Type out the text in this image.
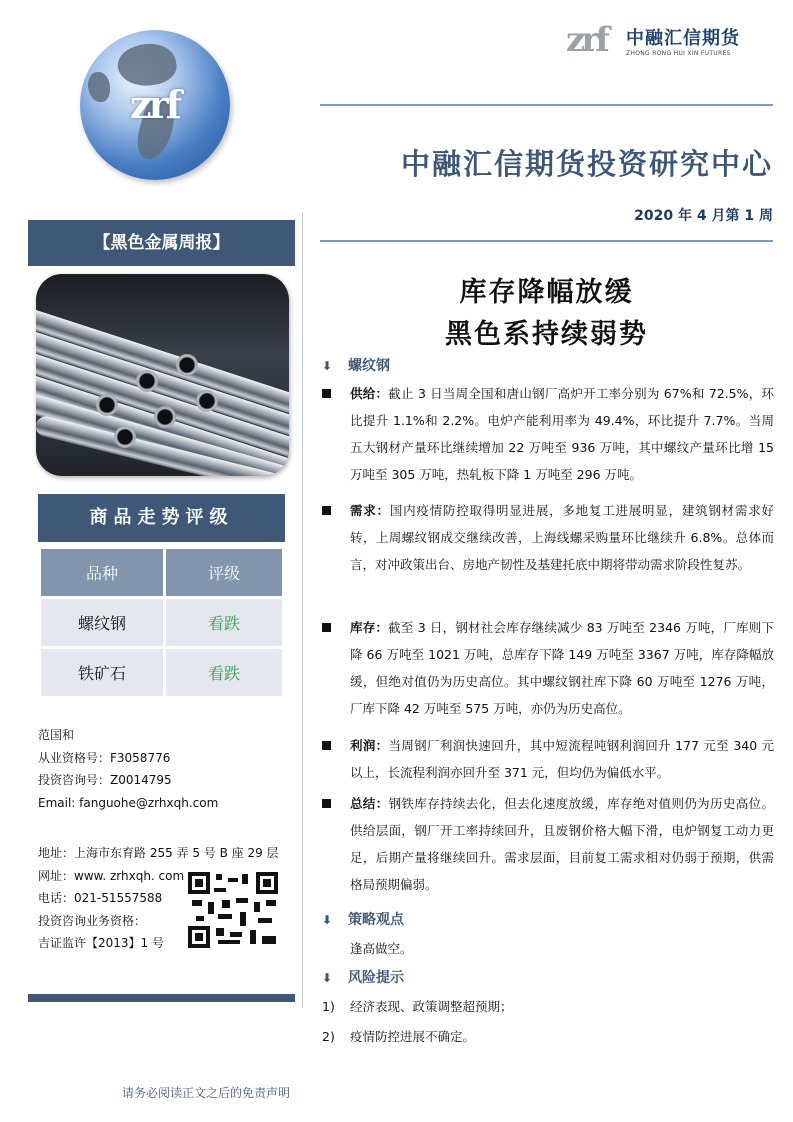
zrf
zrf 中融汇信期货
ZHONG RONG HUI XIN FUTURES
中融汇信期货投资研究中心
2020 年 4 月第 1 周
【黑色金属周报】
商品走势评级
品种	评级
螺纹钢	看跌
铁矿石	看跌
范国和
从业资格号：F3058776
投资咨询号：Z0014795
Email: fanguohe@zrhxqh.com
地址：上海市东育路 255 弄 5 号 B 座 29 层
网址：www. zrhxqh. com
电话：021-51557588
投资咨询业务资格：
吉证监许【2013】1 号
库存降幅放缓
黑色系持续弱势
⬇ 螺纹钢
供给：截止 3 日当周全国和唐山钢厂高炉开工率分别为 67%和 72.5%，环比提升 1.1%和 2.2%。电炉产能利用率为 49.4%，环比提升 7.7%。当周五大钢材产量环比继续增加 22 万吨至 936 万吨，其中螺纹产量环比增 15 万吨至 305 万吨，热轧板下降 1 万吨至 296 万吨。
需求：国内疫情防控取得明显进展，多地复工进展明显，建筑钢材需求好转，上周螺纹钢成交继续改善，上海线螺采购量环比继续升 6.8%。总体而言，对冲政策出台、房地产韧性及基建托底中期将带动需求阶段性复苏。
库存：截至 3 日，钢材社会库存继续减少 83 万吨至 2346 万吨，厂库则下降 66 万吨至 1021 万吨，总库存下降 149 万吨至 3367 万吨，库存降幅放缓，但绝对值仍为历史高位。其中螺纹钢社库下降 60 万吨至 1276 万吨，厂库下降 42 万吨至 575 万吨，亦仍为历史高位。
利润：当周钢厂利润快速回升，其中短流程吨钢利润回升 177 元至 340 元以上，长流程利润亦回升至 371 元，但均仍为偏低水平。
总结：钢铁库存持续去化，但去化速度放缓，库存绝对值则仍为历史高位。供给层面，钢厂开工率持续回升，且废钢价格大幅下滑，电炉钢复工动力更足，后期产量将继续回升。需求层面，目前复工需求相对仍弱于预期，供需格局预期偏弱。
⬇ 策略观点
逢高做空。
⬇ 风险提示
1) 经济表现、政策调整超预期；
2) 疫情防控进展不确定。
请务必阅读正文之后的免责声明
